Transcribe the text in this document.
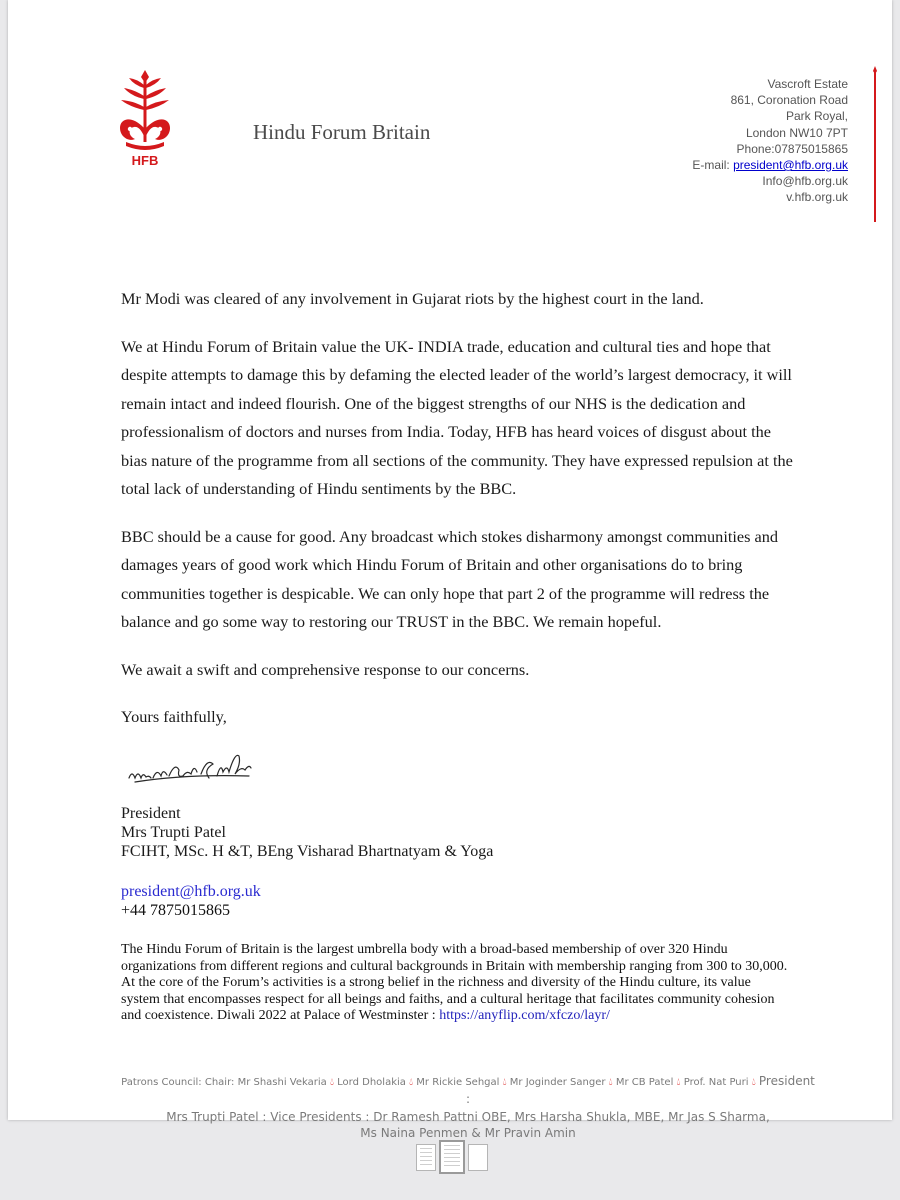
HFB
Hindu Forum Britain
Vascroft Estate
861, Coronation Road
Park Royal,
London NW10 7PT
Phone:07875015865
E-mail: president@hfb.org.uk
Info@hfb.org.uk
v.hfb.org.uk

Mr Modi was cleared of any involvement in Gujarat riots by the highest court in the land.

We at Hindu Forum of Britain value the UK- INDIA trade, education and cultural ties and hope that despite attempts to damage this by defaming the elected leader of the world’s largest democracy, it will remain intact and indeed flourish. One of the biggest strengths of our NHS is the dedication and professionalism of doctors and nurses from India. Today, HFB has heard voices of disgust about the bias nature of the programme from all sections of the community. They have expressed repulsion at the total lack of understanding of Hindu sentiments by the BBC.

BBC should be a cause for good. Any broadcast which stokes disharmony amongst communities and damages years of good work which Hindu Forum of Britain and other organisations do to bring communities together is despicable. We can only hope that part 2 of the programme will redress the balance and go some way to restoring our TRUST in the BBC. We remain hopeful.

We await a swift and comprehensive response to our concerns.

Yours faithfully,

President
Mrs Trupti Patel
FCIHT, MSc. H &T, BEng Visharad Bhartnatyam & Yoga
president@hfb.org.uk
+44 7875015865
The Hindu Forum of Britain is the largest umbrella body with a broad-based membership of over 320 Hindu organizations from different regions and cultural backgrounds in Britain with membership ranging from 300 to 30,000. At the core of the Forum’s activities is a strong belief in the richness and diversity of the Hindu culture, its value system that encompasses respect for all beings and faiths, and a cultural heritage that facilitates community cohesion and coexistence. Diwali 2022 at Palace of Westminster : https://anyflip.com/xfczo/layr/
Patrons Council: Chair: Mr Shashi Vekaria 💧︎ Lord Dholakia 💧︎ Mr Rickie Sehgal 💧︎ Mr Joginder Sanger 💧︎ Mr CB Patel 💧︎ Prof. Nat Puri 💧︎ President :
Mrs Trupti Patel : Vice Presidents : Dr Ramesh Pattni OBE, Mrs Harsha Shukla, MBE, Mr Jas S Sharma,
Ms Naina Penmen & Mr Pravin Amin
